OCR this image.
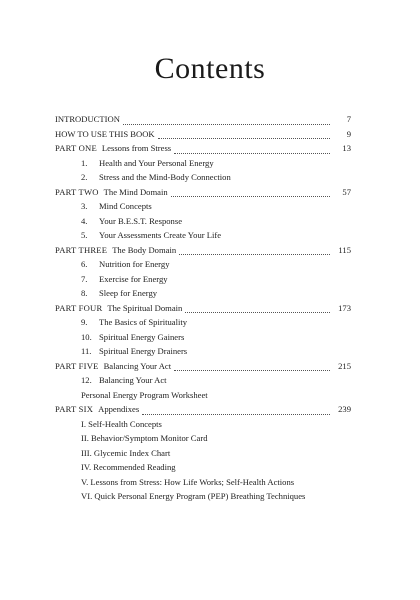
Contents
INTRODUCTION	7
HOW TO USE THIS BOOK	9
PART ONE Lessons from Stress	13
1.	Health and Your Personal Energy
2.	Stress and the Mind-Body Connection
PART TWO The Mind Domain	57
3.	Mind Concepts
4.	Your B.E.S.T. Response
5.	Your Assessments Create Your Life
PART THREE The Body Domain	115
6.	Nutrition for Energy
7.	Exercise for Energy
8.	Sleep for Energy
PART FOUR The Spiritual Domain	173
9.	The Basics of Spirituality
10. Spiritual Energy Gainers
11. Spiritual Energy Drainers
PART FIVE Balancing Your Act	215
12. Balancing Your Act
Personal Energy Program Worksheet
PART SIX Appendixes	239
I. Self-Health Concepts
II. Behavior/Symptom Monitor Card
III. Glycemic Index Chart
IV. Recommended Reading
V. Lessons from Stress: How Life Works; Self-Health Actions
VI. Quick Personal Energy Program (PEP) Breathing Techniques
